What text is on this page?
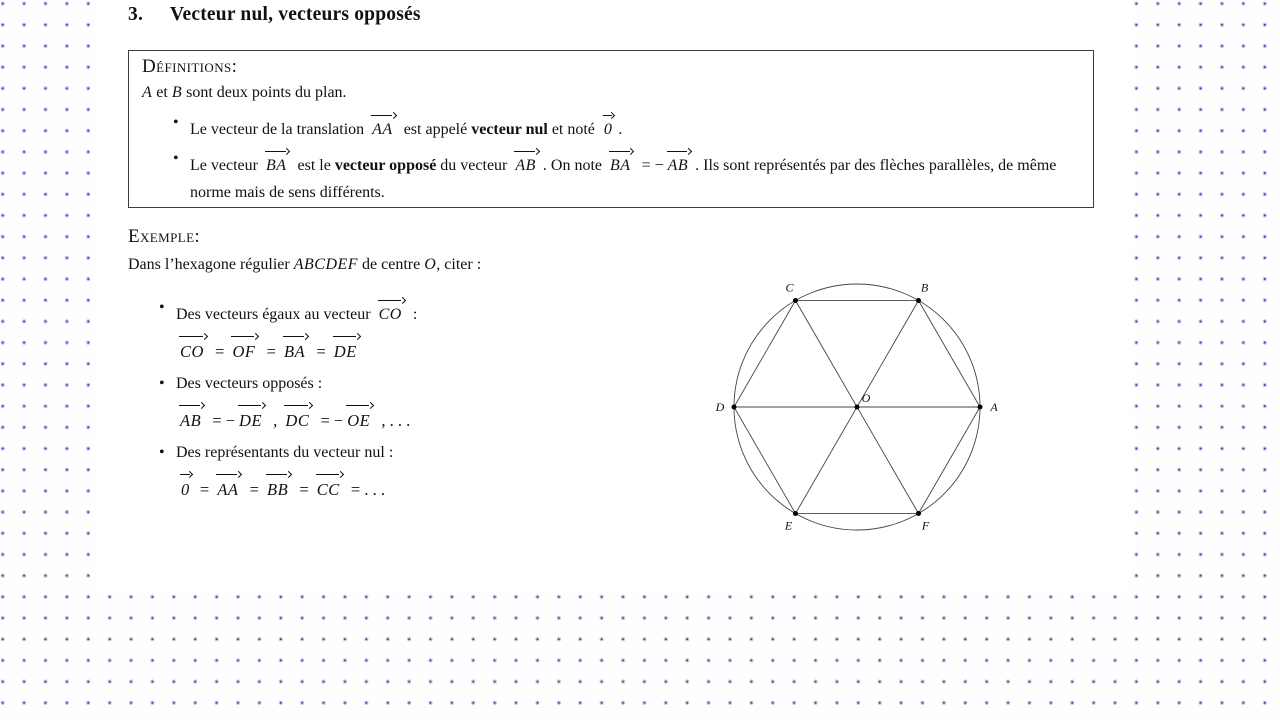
3. Vecteur nul, vecteurs opposés
Définitions:
A et B sont deux points du plan.
• Le vecteur de la translation AA est appelé vecteur nul et noté 0 .
• Le vecteur BA est le vecteur opposé du vecteur AB . On note BA = − AB . Ils sont représentés par des flèches parallèles, de même norme mais de sens différents.
Exemple:
Dans l’hexagone régulier ABCDEF de centre O, citer :
• Des vecteurs égaux au vecteur CO :
CO = OF = BA = DE
• Des vecteurs opposés :
AB = − DE , DC = − OE , . . .
• Des représentants du vecteur nul :
0 = AA = BB = CC = . . .
A
B
C
D
E	F
O
